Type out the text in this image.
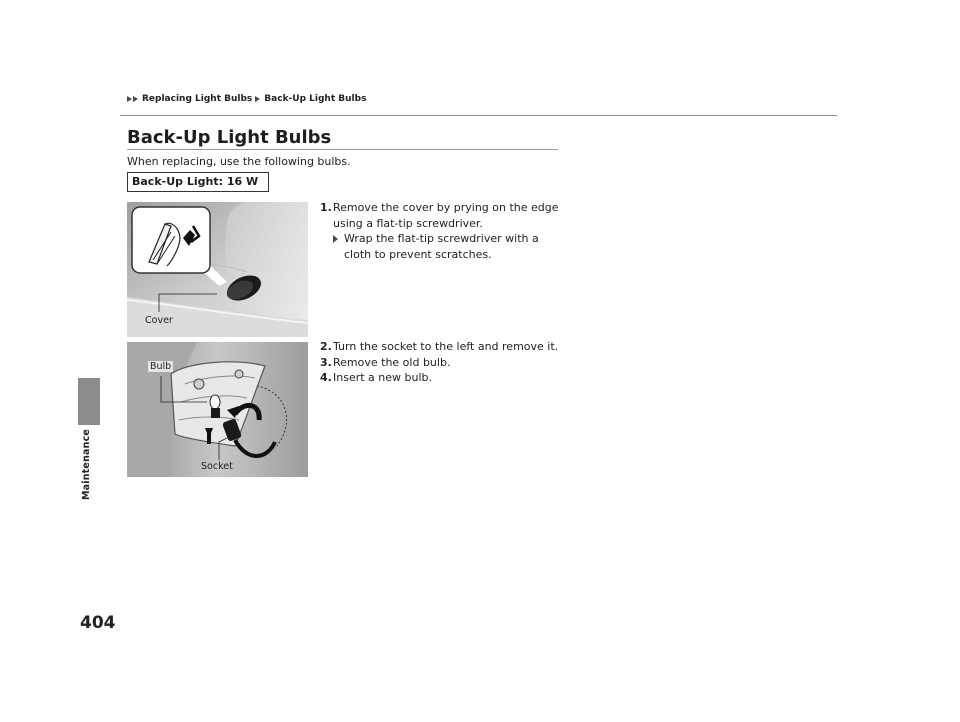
Replacing Light Bulbs Back-Up Light Bulbs
Maintenance
404
Back-Up Light Bulbs
When replacing, use the following bulbs.
Back-Up Light: 16 W
Cover
1. Remove the cover by prying on the edge using a flat-tip screwdriver.
Wrap the flat-tip screwdriver with a cloth to prevent scratches.
Bulb
Socket
2. Turn the socket to the left and remove it.
3. Remove the old bulb.
4. Insert a new bulb.
